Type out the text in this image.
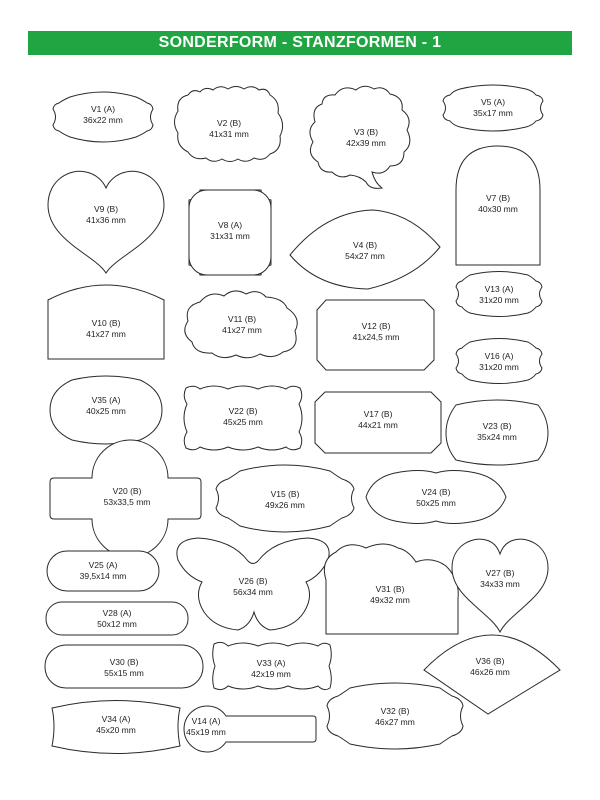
SONDERFORM - STANZFORMEN - 1
V1 (A)
36x22 mm	V2 (B)
41x31 mm	V3 (B)
42x39 mm
V5 (A)
35x17 mm
V9 (B)
41x36 mm	V8 (A)
31x31 mm
V4 (B)
54x27 mm
V7 (B)
40x30 mm
V10 (B)
41x27 mm
V11 (B)
41x27 mm	V12 (B)
41x24,5 mm
V13 (A)
31x20 mm
V16 (A)
31x20 mm
V35 (A)
40x25 mm	V22 (B)
45x25 mm
V17 (B)
44x21 mm	V23 (B)
35x24 mm
V20 (B)
53x33,5 mm
V15 (B)
49x26 mm
V24 (B)
50x25 mm
V25 (A)
39,5x14 mm	V26 (B)
56x34 mm	V31 (B)
49x32 mm
V27 (B)
34x33 mm
V28 (A)
50x12 mm
V30 (B)
55x15 mm
V33 (A)
42x19 mm
V36 (B)
46x26 mm
V34 (A)
45x20 mm
V14 (A)
45x19 mm
V32 (B)
46x27 mm
